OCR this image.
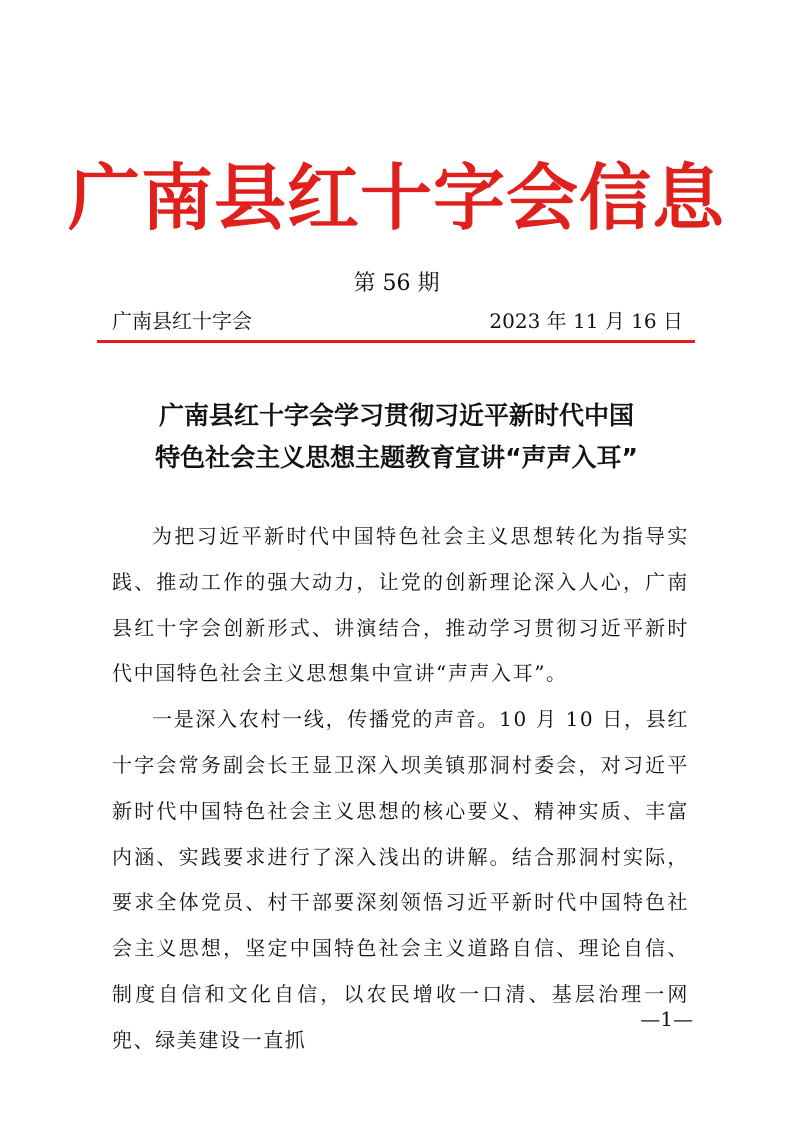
广南县红十字会信息
第 56 期
广南县红十字会	2023 年 11 月 16 日
广南县红十字会学习贯彻习近平新时代中国
特色社会主义思想主题教育宣讲“声声入耳”

为把习近平新时代中国特色社会主义思想转化为指导实践、推动工作的强大动力，让党的创新理论深入人心，广南县红十字会创新形式、讲演结合，推动学习贯彻习近平新时代中国特色社会主义思想集中宣讲“声声入耳”。

一是深入农村一线，传播党的声音。10 月 10 日，县红十字会常务副会长王显卫深入坝美镇那洞村委会，对习近平新时代中国特色社会主义思想的核心要义、精神实质、丰富内涵、实践要求进行了深入浅出的讲解。结合那洞村实际，要求全体党员、村干部要深刻领悟习近平新时代中国特色社会主义思想，坚定中国特色社会主义道路自信、理论自信、制度自信和文化自信，以农民增收一口清、基层治理一网兜、绿美建设一直抓

—1—
